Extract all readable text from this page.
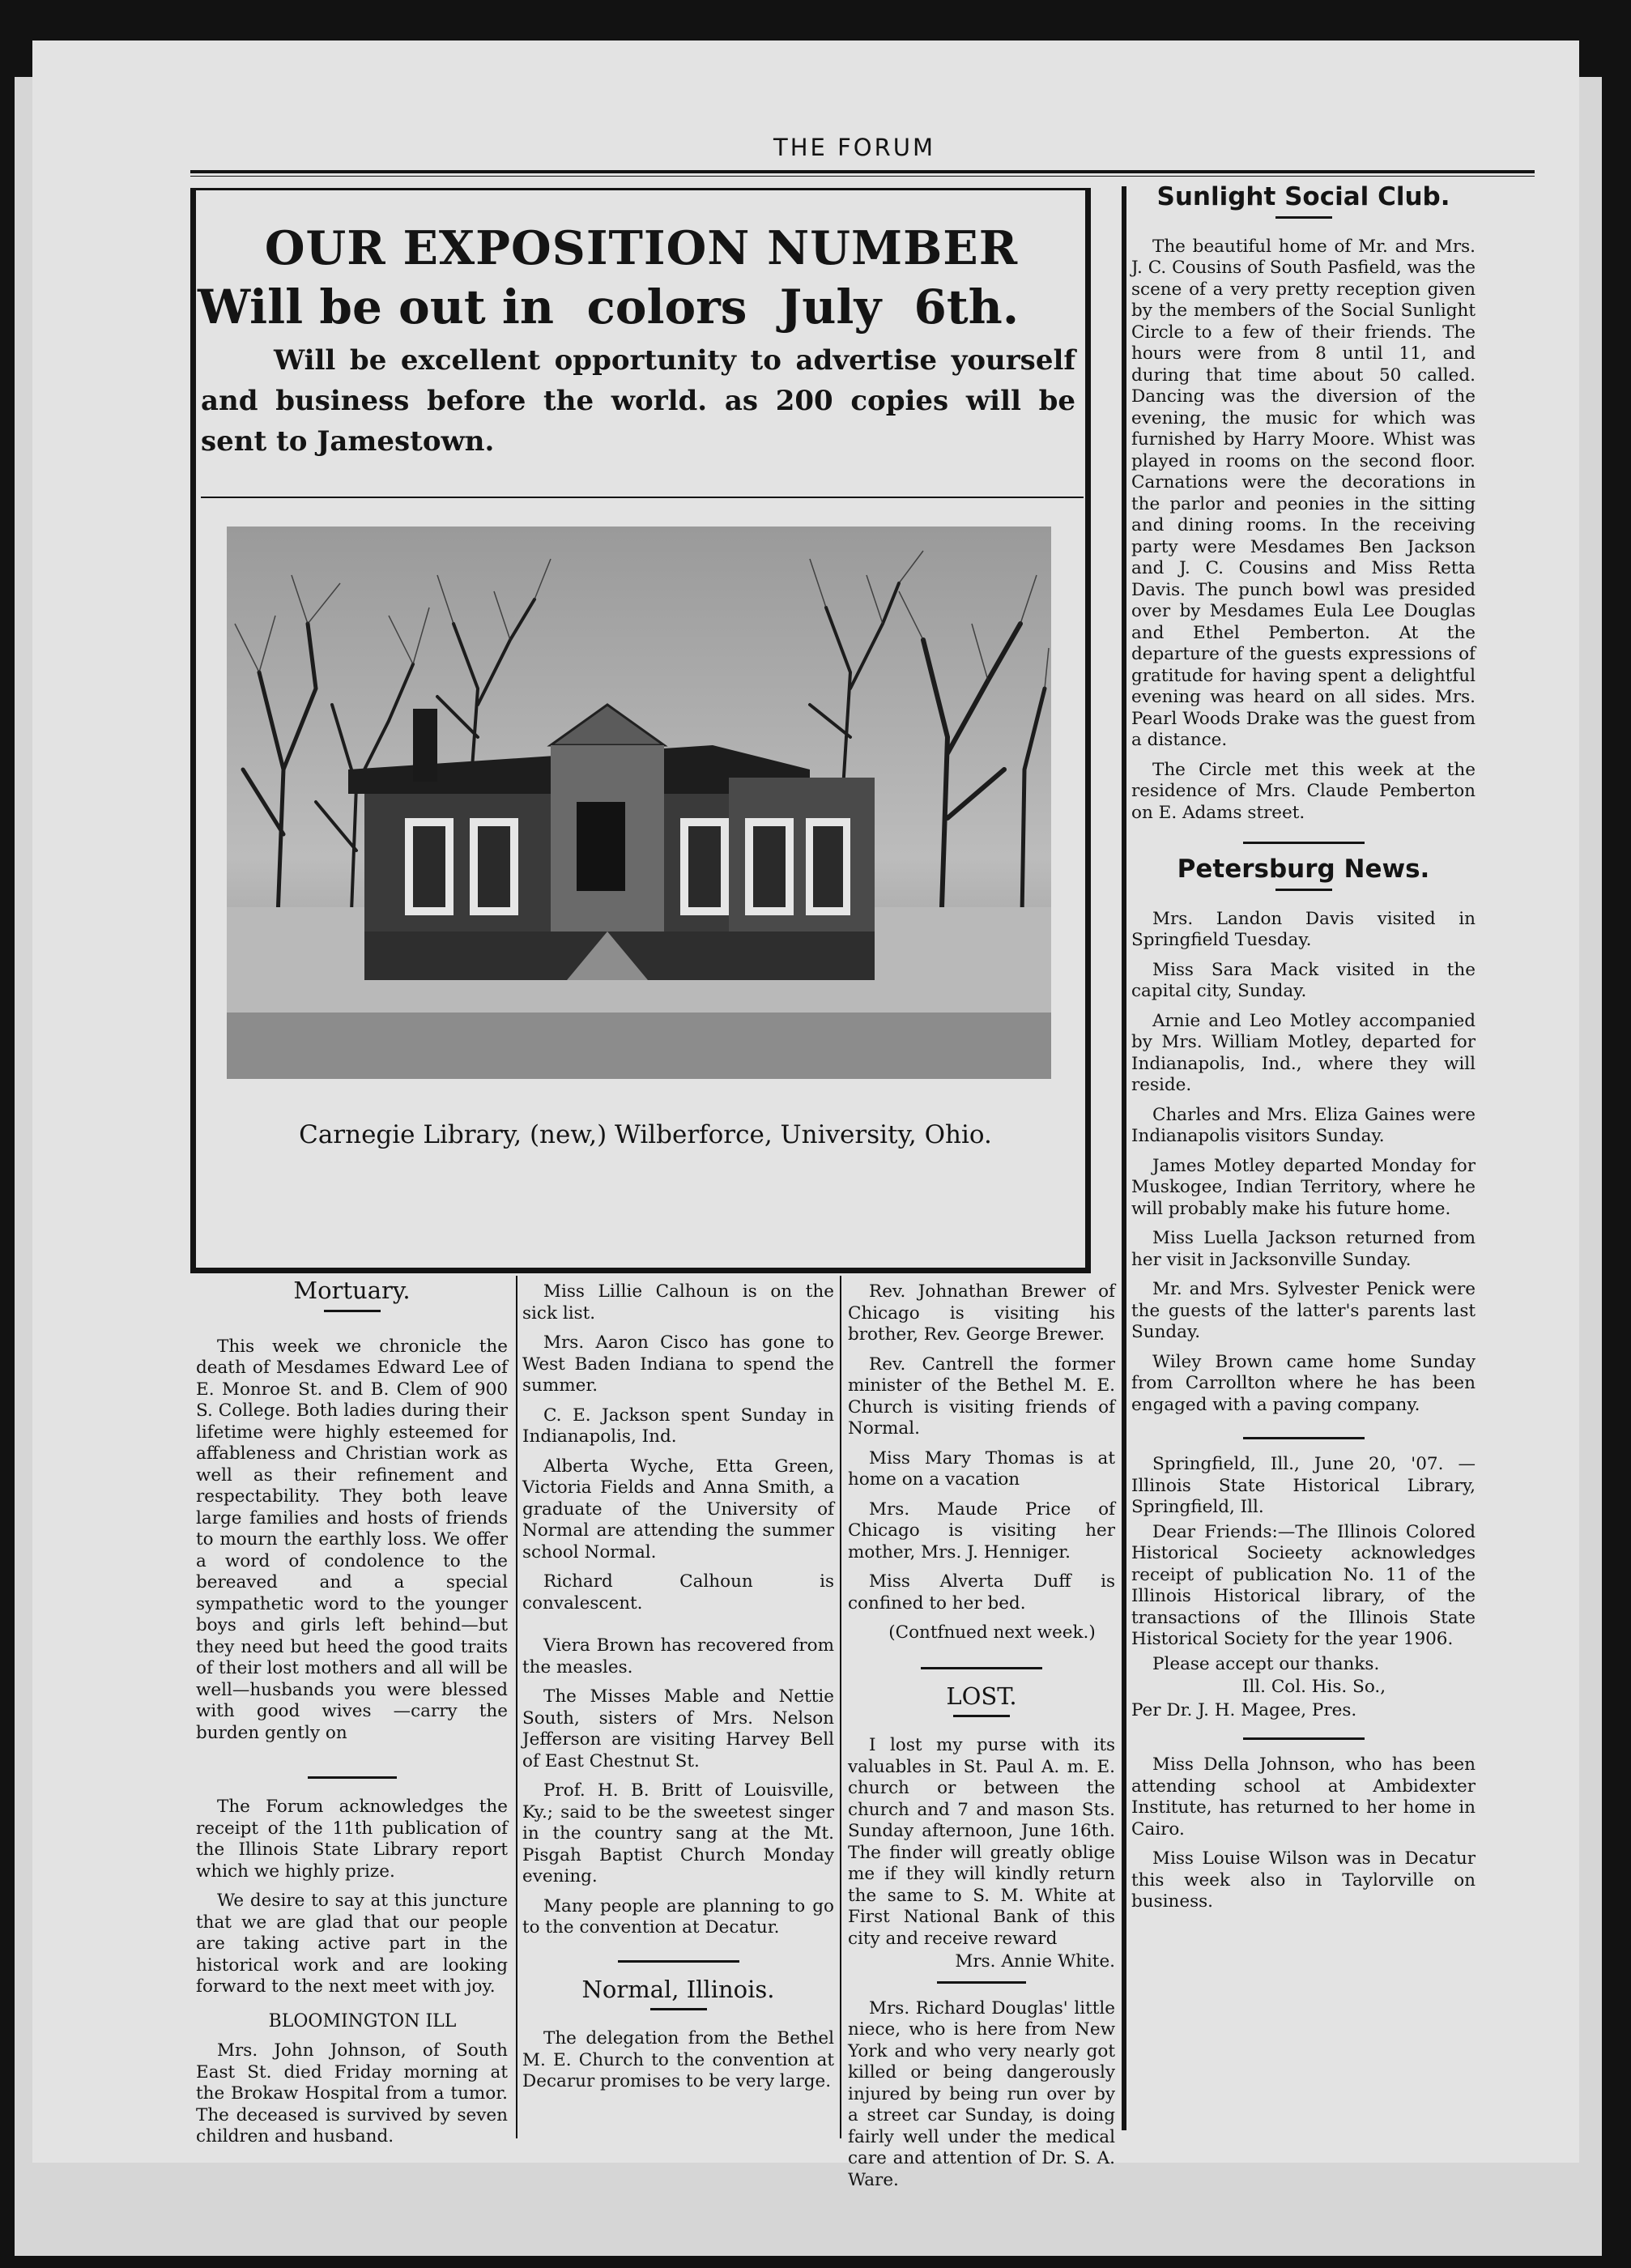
THE FORUM
OUR EXPOSITION NUMBER
Will be out in  colors  July  6th.
Will be excellent opportunity to advertise yourself and business before the world. as 200 copies will be sent to Jamestown.
Carnegie Library, (new,) Wilberforce, University, Ohio.
Sunlight Social Club.

The beautiful home of Mr. and Mrs. J. C. Cousins of South Pasfield, was the scene of a very pretty reception given by the members of the Social Sunlight Circle to a few of their friends. The hours were from 8 until 11, and during that time about 50 called. Dancing was the diversion of the evening, the music for which was furnished by Harry Moore. Whist was played in rooms on the second floor. Carnations were the decorations in the parlor and peonies in the sitting and dining rooms. In the receiving party were Mesdames Ben Jackson and J. C. Cousins and Miss Retta Davis. The punch bowl was presided over by Mesdames Eula Lee Douglas and Ethel Pemberton. At the departure of the guests expressions of gratitude for having spent a delightful evening was heard on all sides. Mrs. Pearl Woods Drake was the guest from a distance.

The Circle met this week at the residence of Mrs. Claude Pemberton on E. Adams street.

Petersburg News.

Mrs. Landon Davis visited in Springfield Tuesday.

Miss Sara Mack visited in the capital city, Sunday.

Arnie and Leo Motley accompanied by Mrs. William Motley, departed for Indianapolis, Ind., where they will reside.

Charles and Mrs. Eliza Gaines were Indianapolis visitors Sunday.

James Motley departed Monday for Muskogee, Indian Territory, where he will probably make his future home.

Miss Luella Jackson returned from her visit in Jacksonville Sunday.

Mr. and Mrs. Sylvester Penick were the guests of the latter's parents last Sunday.

Wiley Brown came home Sunday from Carrollton where he has been engaged with a paving company.

Springfield, Ill., June 20, '07. —Illinois State Historical Library, Springfield, Ill.

Dear Friends:—The Illinois Colored Historical Socieety acknowledges receipt of publication No. 11 of the Illinois Historical library, of the transactions of the Illinois State Historical Society for the year 1906.

Please accept our thanks.

Ill. Col. His. So.,

Per Dr. J. H. Magee, Pres.

Miss Della Johnson, who has been attending school at Ambidexter Institute, has returned to her home in Cairo.

Miss Louise Wilson was in Decatur this week also in Taylorville on business.

Mortuary.

This week we chronicle the death of Mesdames Edward Lee of E. Monroe St. and B. Clem of 900 S. College. Both ladies during their lifetime were highly esteemed for affableness and Christian work as well as their refinement and respectability. They both leave large families and hosts of friends to mourn the earthly loss. We offer a word of condolence to the bereaved and a special sympathetic word to the younger boys and girls left behind—but they need but heed the good traits of their lost mothers and all will be well—husbands you were blessed with good wives —carry the burden gently on

The Forum acknowledges the receipt of the 11th publication of the Illinois State Library report which we highly prize.

We desire to say at this juncture that we are glad that our people are taking active part in the historical work and are looking forward to the next meet with joy.

BLOOMINGTON ILL

Mrs. John Johnson, of South East St. died Friday morning at the Brokaw Hospital from a tumor. The deceased is survived by seven children and husband.

Miss Lillie Calhoun is on the sick list.

Mrs. Aaron Cisco has gone to West Baden Indiana to spend the summer.

C. E. Jackson spent Sunday in Indianapolis, Ind.

Alberta Wyche, Etta Green, Victoria Fields and Anna Smith, a graduate of the University of Normal are attending the summer school Normal.

Richard Calhoun is convalescent.

Viera Brown has recovered from the measles.

The Misses Mable and Nettie South, sisters of Mrs. Nelson Jefferson are visiting Harvey Bell of East Chestnut St.

Prof. H. B. Britt of Louisville, Ky.; said to be the sweetest singer in the country sang at the Mt. Pisgah Baptist Church Monday evening.

Many people are planning to go to the convention at Decatur.

Normal, Illinois.

The delegation from the Bethel M. E. Church to the convention at Decarur promises to be very large.

Rev. Johnathan Brewer of Chicago is visiting his brother, Rev. George Brewer.

Rev. Cantrell the former minister of the Bethel M. E. Church is visiting friends of Normal.

Miss Mary Thomas is at home on a vacation

Mrs. Maude Price of Chicago is visiting her mother, Mrs. J. Henniger.

Miss Alverta Duff is confined to her bed.

(Contfnued next week.)

LOST.

I lost my purse with its valuables in St. Paul A. m. E. church or between the church and 7 and mason Sts. Sunday afternoon, June 16th. The finder will greatly oblige me if they will kindly return the same to S. M. White at First National Bank of this city and receive reward

Mrs. Annie White.

Mrs. Richard Douglas' little niece, who is here from New York and who very nearly got killed or being dangerously injured by being run over by a street car Sunday, is doing fairly well under the medical care and attention of Dr. S. A. Ware.
